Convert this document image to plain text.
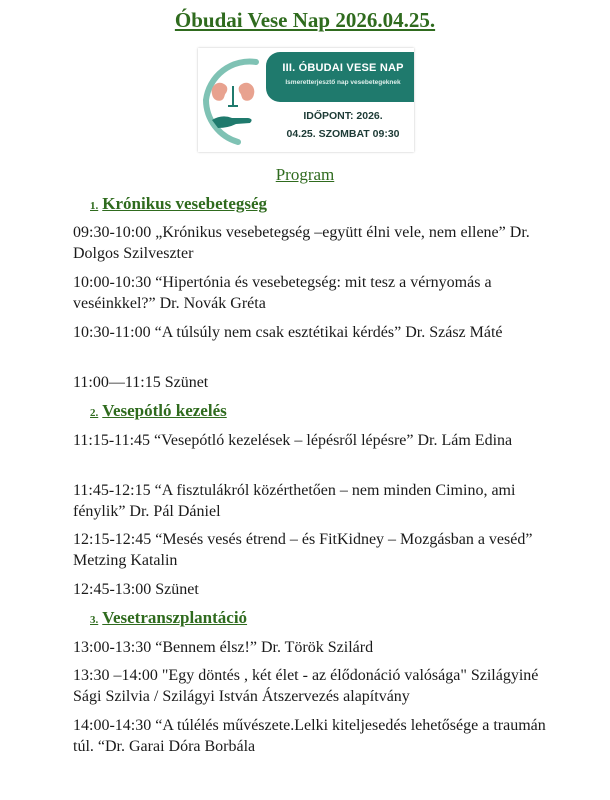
Óbudai Vese Nap 2026.04.25.
III. ÓBUDAI VESE NAP
Ismeretterjesztő nap vesebetegeknek
IDŐPONT: 2026.
04.25. SZOMBAT 09:30
Program
1. Krónikus vesebetegség
09:30-10:00 „Krónikus vesebetegség –együtt élni vele, nem ellene” Dr. Dolgos Szilveszter
10:00-10:30 “Hipertónia és vesebetegség: mit tesz a vérnyomás a veséinkkel?” Dr. Novák Gréta
10:30-11:00 “A túlsúly nem csak esztétikai kérdés” Dr. Szász Máté
11:00—11:15 Szünet
2. Vesepótló kezelés
11:15-11:45 “Vesepótló kezelések – lépésről lépésre” Dr. Lám Edina
11:45-12:15 “A fisztulákról közérthetően – nem minden Cimino, ami fénylik” Dr. Pál Dániel
12:15-12:45 “Mesés vesés étrend – és FitKidney – Mozgásban a veséd” Metzing Katalin
12:45-13:00 Szünet
3. Vesetranszplantáció
13:00-13:30 “Bennem élsz!” Dr. Török Szilárd
13:30 –14:00 "Egy döntés , két élet - az élődonáció valósága" Szilágyiné Sági Szilvia / Szilágyi István Átszervezés alapítvány
14:00-14:30 “A túlélés művészete.Lelki kiteljesedés lehetősége a traumán túl. “Dr. Garai Dóra Borbála
